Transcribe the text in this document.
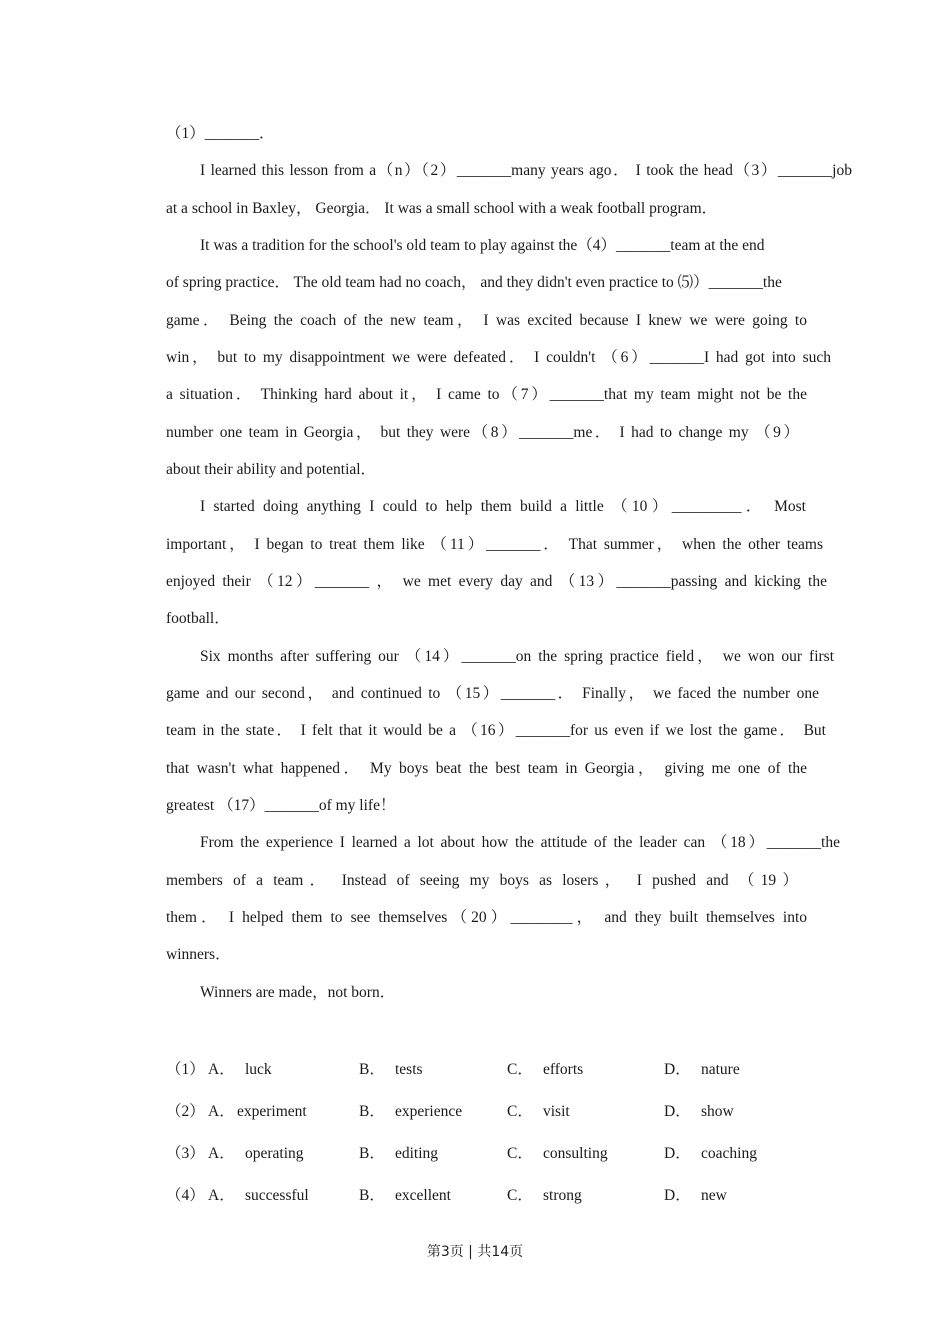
（1）_______．
I learned this lesson from a（n）（2）_______many years ago． I took the head（3）_______job
at a school in Baxley， Georgia． It was a small school with a weak football program．
It was a tradition for the school's old team to play against the（4）_______team at the end
of spring practice． The old team had no coach， and they didn't even practice to ⑸）_______the
game． Being the coach of the new team， I was excited because I knew we were going to
win， but to my disappointment we were defeated． I couldn't （6）_______I had got into such
a situation． Thinking hard about it， I came to（7）_______that my team might not be the
number one team in Georgia， but they were（8）_______me． I had to change my （9）
about their ability and potential．
I started doing anything I could to help them build a little （10）_________． Most
important， I began to treat them like （11）_______． That summer， when the other teams
enjoyed their （12）_______ ， we met every day and （13）_______passing and kicking the
football．
Six months after suffering our （14）_______on the spring practice field， we won our first
game and our second， and continued to （15）_______． Finally， we faced the number one
team in the state． I felt that it would be a （16）_______for us even if we lost the game． But
that wasn't what happened． My boys beat the best team in Georgia， giving me one of the
greatest （17）_______of my life！
From the experience I learned a lot about how the attitude of the leader can （18）_______the
members of a team． Instead of seeing my boys as losers， I pushed and （19）
them． I helped them to see themselves（20）________， and they built themselves into
winners．
Winners are made，not born．
（1） A． luck	B． tests	C． efforts	D． nature
（2） A． experiment	B． experience	C． visit	D． show
（3） A． operating	B． editing	C． consulting	D． coaching
（4） A． successful	B． excellent	C． strong	D． new
第3页 | 共14页
